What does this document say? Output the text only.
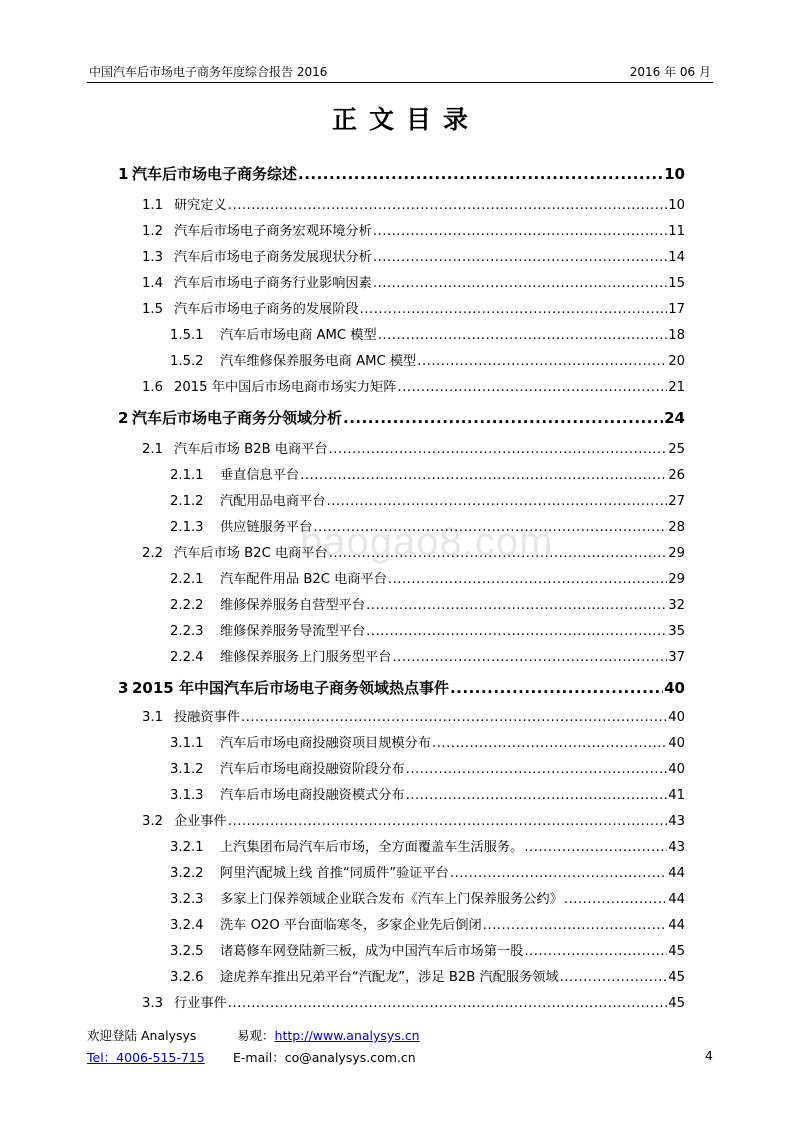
中国汽车后市场电子商务年度综合报告 2016	2016 年 06 月
正文目录
baogao8.com
1 汽车后市场电子商务综述 .....	10
1.1 研究定义 .....	10
1.2 汽车后市场电子商务宏观环境分析 .....	11
1.3 汽车后市场电子商务发展现状分析 .....	14
1.4 汽车后市场电子商务行业影响因素 .....	15
1.5 汽车后市场电子商务的发展阶段 .....	17
1.5.1	汽车后市场电商 AMC 模型 .....	18
1.5.2	汽车维修保养服务电商 AMC 模型 .....	20
1.6 2015 年中国后市场电商市场实力矩阵 .....	21
2 汽车后市场电子商务分领域分析 .....	24
2.1 汽车后市场 B2B 电商平台 .....	25
2.1.1	垂直信息平台 .....	26
2.1.2	汽配用品电商平台 .....	27
2.1.3	供应链服务平台 .....	28
2.2 汽车后市场 B2C 电商平台 .....	29
2.2.1	汽车配件用品 B2C 电商平台 .....	29
2.2.2	维修保养服务自营型平台 .....	32
2.2.3	维修保养服务导流型平台 .....	35
2.2.4	维修保养服务上门服务型平台 .....	37
3 2015 年中国汽车后市场电子商务领域热点事件 .....	40
3.1 投融资事件 .....	40
3.1.1	汽车后市场电商投融资项目规模分布 .....	40
3.1.2	汽车后市场电商投融资阶段分布 .....	40
3.1.3	汽车后市场电商投融资模式分布 .....	41
3.2 企业事件 .....	43
3.2.1	上汽集团布局汽车后市场，全方面覆盖车生活服务。 .....	43
3.2.2	阿里汽配城上线 首推“同质件”验证平台 .....	44
3.2.3	多家上门保养领域企业联合发布《汽车上门保养服务公约》 .....	44
3.2.4	洗车 O2O 平台面临寒冬，多家企业先后倒闭 .....	44
3.2.5	诸葛修车网登陆新三板，成为中国汽车后市场第一股 .....	45
3.2.6	途虎养车推出兄弟平台“汽配龙”，涉足 B2B 汽配服务领域 .....	45
3.3 行业事件 .....	45
欢迎登陆 Analysys	易观：http://www.analysys.cn
Tel：4006-515-715 E-mail：co@analysys.com.cn	4
